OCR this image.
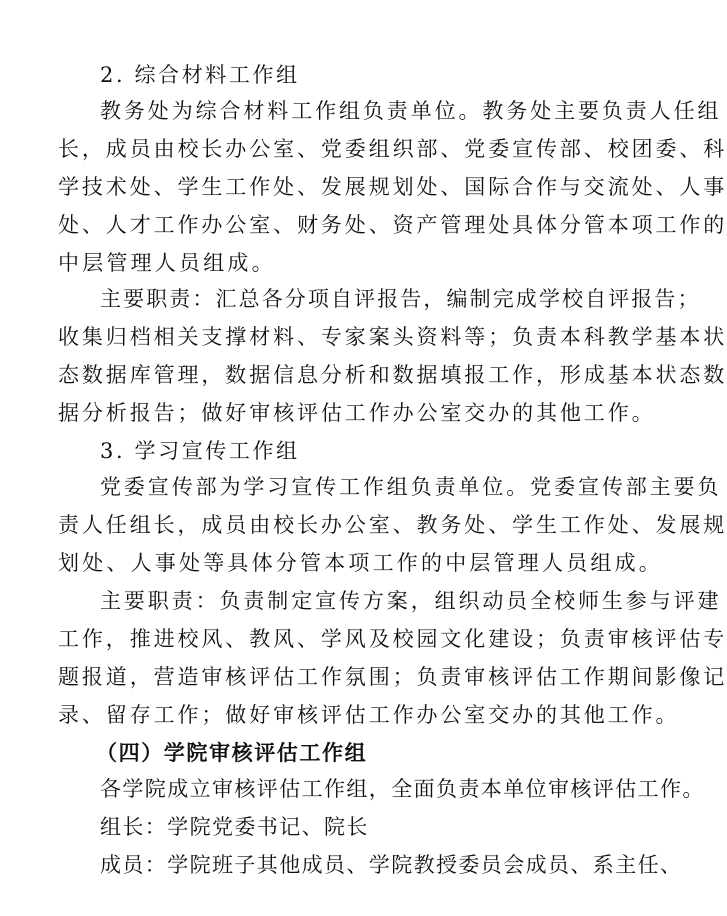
2. 综合材料工作组
教务处为综合材料工作组负责单位。教务处主要负责人任组
长，成员由校长办公室、党委组织部、党委宣传部、校团委、科
学技术处、学生工作处、发展规划处、国际合作与交流处、人事
处、人才工作办公室、财务处、资产管理处具体分管本项工作的
中层管理人员组成。
主要职责：汇总各分项自评报告，编制完成学校自评报告；
收集归档相关支撑材料、专家案头资料等；负责本科教学基本状
态数据库管理，数据信息分析和数据填报工作，形成基本状态数
据分析报告；做好审核评估工作办公室交办的其他工作。
3. 学习宣传工作组
党委宣传部为学习宣传工作组负责单位。党委宣传部主要负
责人任组长，成员由校长办公室、教务处、学生工作处、发展规
划处、人事处等具体分管本项工作的中层管理人员组成。
主要职责：负责制定宣传方案，组织动员全校师生参与评建
工作，推进校风、教风、学风及校园文化建设；负责审核评估专
题报道，营造审核评估工作氛围；负责审核评估工作期间影像记
录、留存工作；做好审核评估工作办公室交办的其他工作。
（四）学院审核评估工作组
各学院成立审核评估工作组，全面负责本单位审核评估工作。
组长：学院党委书记、院长
成员：学院班子其他成员、学院教授委员会成员、系主任、
